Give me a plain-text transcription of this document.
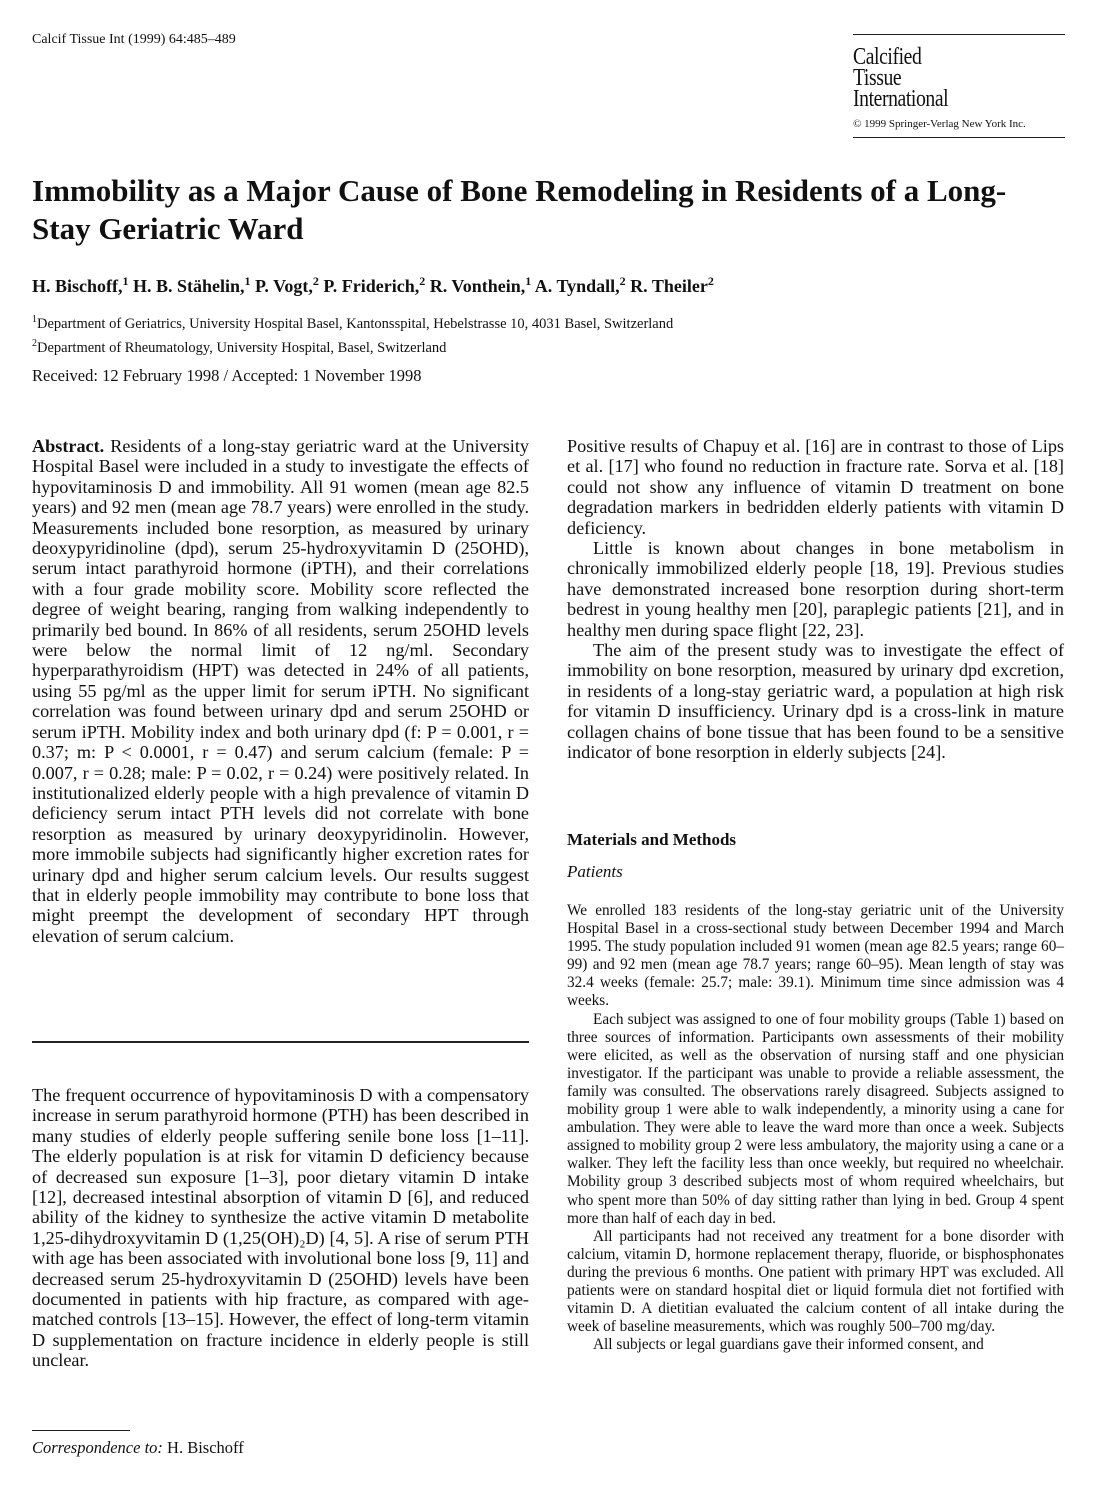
Calcif Tissue Int (1999) 64:485–489
Calcified
Tissue
International
© 1999 Springer-Verlag New York Inc.
Immobility as a Major Cause of Bone Remodeling in Residents of a Long-Stay Geriatric Ward
H. Bischoff,$^1$ H. B. Stähelin,$^1$ P. Vogt,$^2$ P. Friderich,$^2$ R. Vonthein,$^1$ A. Tyndall,$^2$ R. Theiler$^2$
$^1$Department of Geriatrics, University Hospital Basel, Kantonsspital, Hebelstrasse 10, 4031 Basel, Switzerland
$^2$Department of Rheumatology, University Hospital, Basel, Switzerland
Received: 12 February 1998 / Accepted: 1 November 1998

Abstract. Residents of a long-stay geriatric ward at the University Hospital Basel were included in a study to investigate the effects of hypovitaminosis D and immobility. All 91 women (mean age 82.5 years) and 92 men (mean age 78.7 years) were enrolled in the study. Measurements included bone resorption, as measured by urinary deoxypyridinoline (dpd), serum 25-hydroxyvitamin D (25OHD), serum intact parathyroid hormone (iPTH), and their correlations with a four grade mobility score. Mobility score reflected the degree of weight bearing, ranging from walking independently to primarily bed bound. In 86% of all residents, serum 25OHD levels were below the normal limit of 12 ng/ml. Secondary hyperparathyroidism (HPT) was detected in 24% of all patients, using 55 pg/ml as the upper limit for serum iPTH. No significant correlation was found between urinary dpd and serum 25OHD or serum iPTH. Mobility index and both urinary dpd (f: P = 0.001, r = 0.37; m: P < 0.0001, r = 0.47) and serum calcium (female: P = 0.007, r = 0.28; male: P = 0.02, r = 0.24) were positively related. In institutionalized elderly people with a high prevalence of vitamin D deficiency serum intact PTH levels did not correlate with bone resorption as measured by urinary deoxypyridinolin. However, more immobile subjects had significantly higher excretion rates for urinary dpd and higher serum calcium levels. Our results suggest that in elderly people immobility may contribute to bone loss that might preempt the development of secondary HPT through elevation of serum calcium.

The frequent occurrence of hypovitaminosis D with a compensatory increase in serum parathyroid hormone (PTH) has been described in many studies of elderly people suffering senile bone loss [1–11]. The elderly population is at risk for vitamin D deficiency because of decreased sun exposure [1–3], poor dietary vitamin D intake [12], decreased intestinal absorption of vitamin D [6], and reduced ability of the kidney to synthesize the active vitamin D metabolite 1,25-dihydroxyvitamin D (1,25(OH)₂D) [4, 5]. A rise of serum PTH with age has been associated with involutional bone loss [9, 11] and decreased serum 25-hydroxyvitamin D (25OHD) levels have been documented in patients with hip fracture, as compared with age-matched controls [13–15]. However, the effect of long-term vitamin D supplementation on fracture incidence in elderly people is still unclear.

Correspondence to: H. Bischoff

Positive results of Chapuy et al. [16] are in contrast to those of Lips et al. [17] who found no reduction in fracture rate. Sorva et al. [18] could not show any influence of vitamin D treatment on bone degradation markers in bedridden elderly patients with vitamin D deficiency.

Little is known about changes in bone metabolism in chronically immobilized elderly people [18, 19]. Previous studies have demonstrated increased bone resorption during short-term bedrest in young healthy men [20], paraplegic patients [21], and in healthy men during space flight [22, 23].

The aim of the present study was to investigate the effect of immobility on bone resorption, measured by urinary dpd excretion, in residents of a long-stay geriatric ward, a population at high risk for vitamin D insufficiency. Urinary dpd is a cross-link in mature collagen chains of bone tissue that has been found to be a sensitive indicator of bone resorption in elderly subjects [24].

Materials and Methods
Patients

We enrolled 183 residents of the long-stay geriatric unit of the University Hospital Basel in a cross-sectional study between December 1994 and March 1995. The study population included 91 women (mean age 82.5 years; range 60–99) and 92 men (mean age 78.7 years; range 60–95). Mean length of stay was 32.4 weeks (female: 25.7; male: 39.1). Minimum time since admission was 4 weeks.

Each subject was assigned to one of four mobility groups (Table 1) based on three sources of information. Participants own assessments of their mobility were elicited, as well as the observation of nursing staff and one physician investigator. If the participant was unable to provide a reliable assessment, the family was consulted. The observations rarely disagreed. Subjects assigned to mobility group 1 were able to walk independently, a minority using a cane for ambulation. They were able to leave the ward more than once a week. Subjects assigned to mobility group 2 were less ambulatory, the majority using a cane or a walker. They left the facility less than once weekly, but required no wheelchair. Mobility group 3 described subjects most of whom required wheelchairs, but who spent more than 50% of day sitting rather than lying in bed. Group 4 spent more than half of each day in bed.

All participants had not received any treatment for a bone disorder with calcium, vitamin D, hormone replacement therapy, fluoride, or bisphosphonates during the previous 6 months. One patient with primary HPT was excluded. All patients were on standard hospital diet or liquid formula diet not fortified with vitamin D. A dietitian evaluated the calcium content of all intake during the week of baseline measurements, which was roughly 500–700 mg/day.

All subjects or legal guardians gave their informed consent, and
